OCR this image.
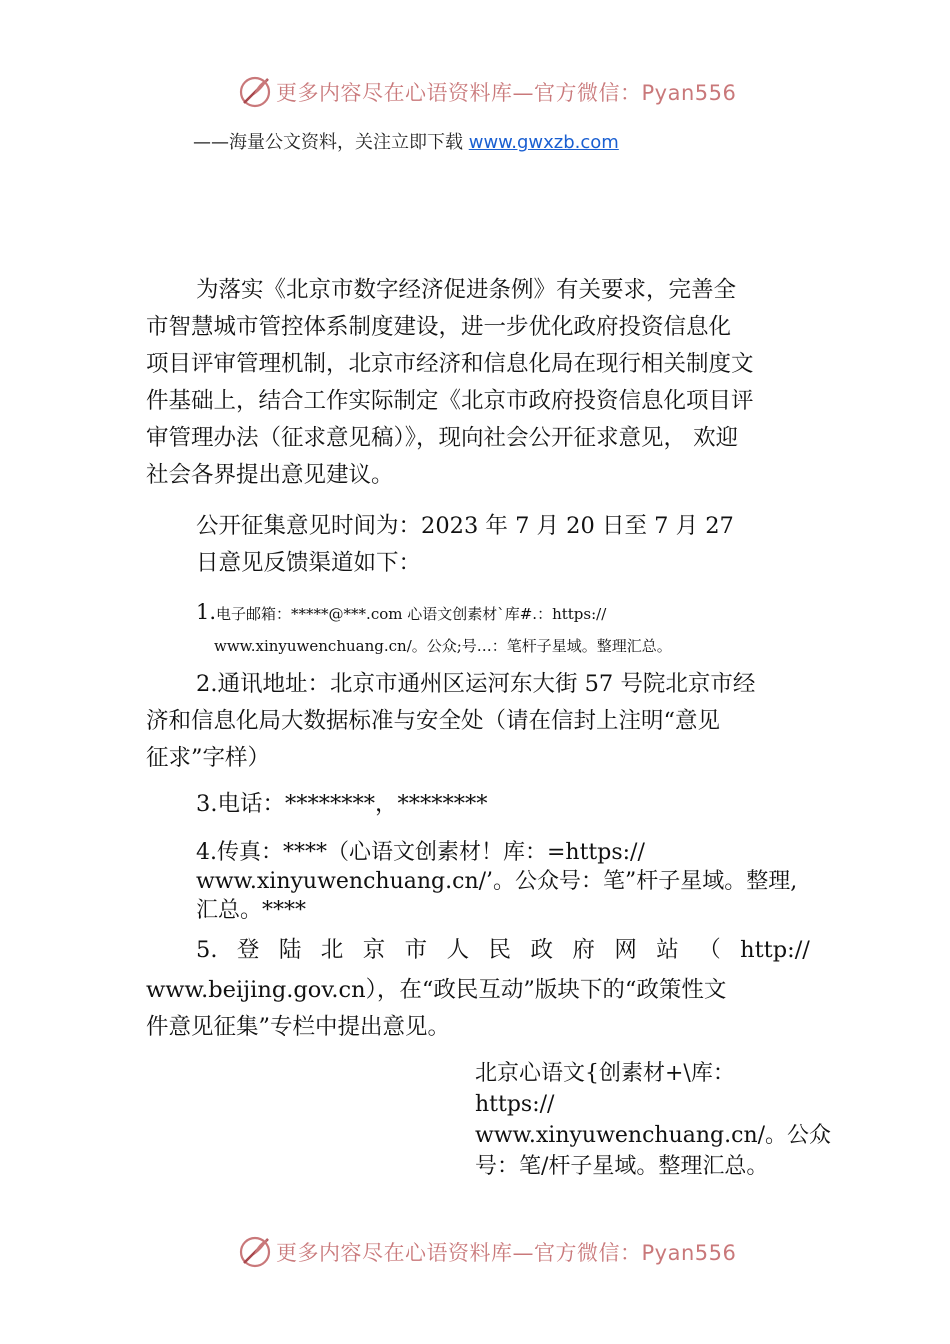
更多内容尽在心语资料库—官方微信：Pyan556
——海量公文资料，关注立即下载 www.gwxzb.com

为落实《北京市数字经济促进条例》有关要求，完善全
市智慧城市管控体系制度建设，进一步优化政府投资信息化
项目评审管理机制，北京市经济和信息化局在现行相关制度文
件基础上，结合工作实际制定《北京市政府投资信息化项目评
审管理办法（征求意见稿）》，现向社会公开征求意见， 欢迎
社会各界提出意见建议。

公开征集意见时间为：2023 年 7 月 20 日至 7 月 27
日意见反馈渠道如下：

1.电子邮箱：*****@***.com 心语文创素材`库#.：https://
www.xinyuwenchuang.cn/。公众;号…：笔杆子星域。整理汇总。

2.通讯地址：北京市通州区运河东大街 57 号院北京市经
济和信息化局大数据标准与安全处（请在信封上注明“意见
征求”字样）

3.电话：********，********

4.传真：****（心语文创素材！库：=https://
www.xinyuwenchuang.cn/’。公众号：笔”杆子星域。整理,
汇总。****

5. 登 陆 北 京 市 人 民 政 府 网 站 （ http://

www.beijing.gov.cn），在“政民互动”版块下的“政策性文
件意见征集”专栏中提出意见。

北京心语文{创素材+\库：
https://
www.xinyuwenchuang.cn/。公众
号：笔/杆子星域。整理汇总。

更多内容尽在心语资料库—官方微信：Pyan556
